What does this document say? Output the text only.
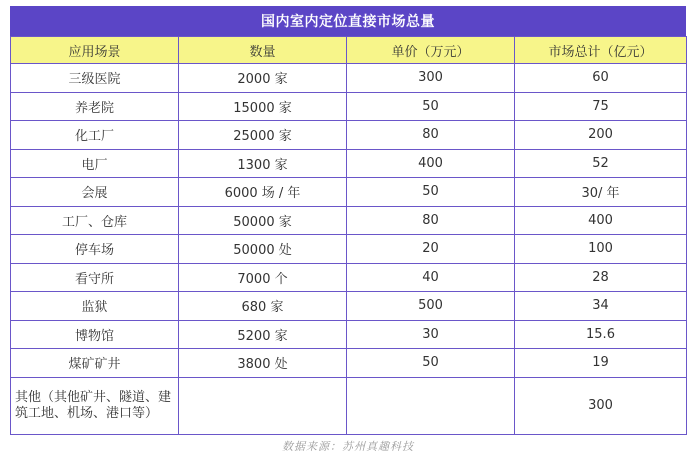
国内室内定位直接市场总量
应用场景	数量	单价（万元）	市场总计（亿元）
三级医院	2000 家	300	60
养老院	15000 家	50	75
化工厂	25000 家	80	200
电厂	1300 家	400	52
会展	6000 场 / 年	50	30/ 年
工厂、仓库	50000 家	80	400
停车场	50000 处	20	100
看守所	7000 个	40	28
监狱	680 家	500	34
博物馆	5200 家	30	15.6
煤矿矿井	3800 处	50	19
其他（其他矿井、隧道、建筑工地、机场、港口等）			300
数据来源：苏州真趣科技
